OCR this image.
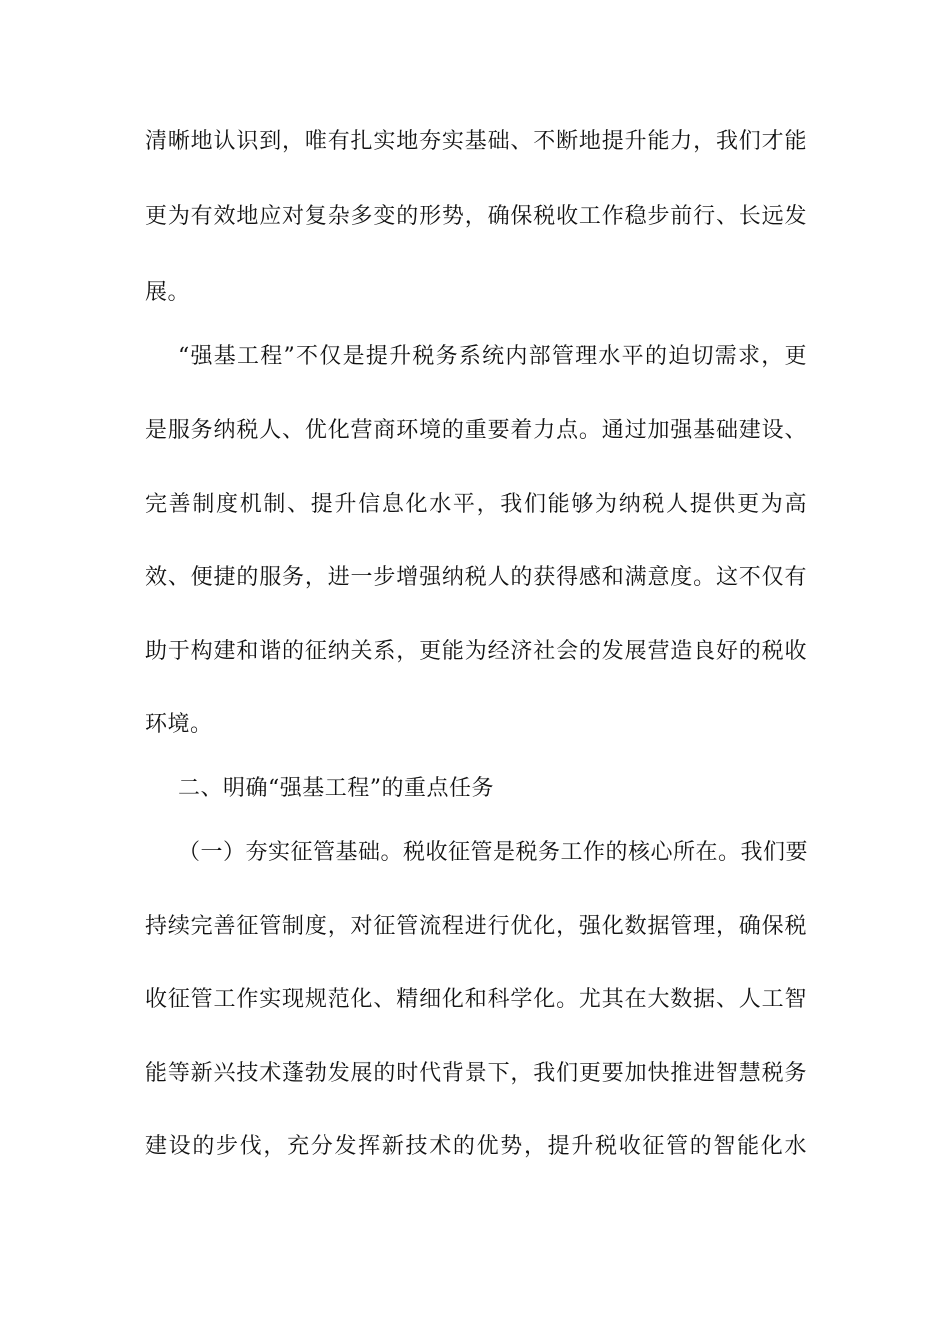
清晰地认识到，唯有扎实地夯实基础、不断地提升能力，我们才能
更为有效地应对复杂多变的形势，确保税收工作稳步前行、长远发
展。
“强基工程”不仅是提升税务系统内部管理水平的迫切需求，更
是服务纳税人、优化营商环境的重要着力点。通过加强基础建设、
完善制度机制、提升信息化水平，我们能够为纳税人提供更为高
效、便捷的服务，进一步增强纳税人的获得感和满意度。这不仅有
助于构建和谐的征纳关系，更能为经济社会的发展营造良好的税收
环境。
二、明确“强基工程”的重点任务
（一）夯实征管基础。税收征管是税务工作的核心所在。我们要
持续完善征管制度，对征管流程进行优化，强化数据管理，确保税
收征管工作实现规范化、精细化和科学化。尤其在大数据、人工智
能等新兴技术蓬勃发展的时代背景下，我们更要加快推进智慧税务
建设的步伐，充分发挥新技术的优势，提升税收征管的智能化水
